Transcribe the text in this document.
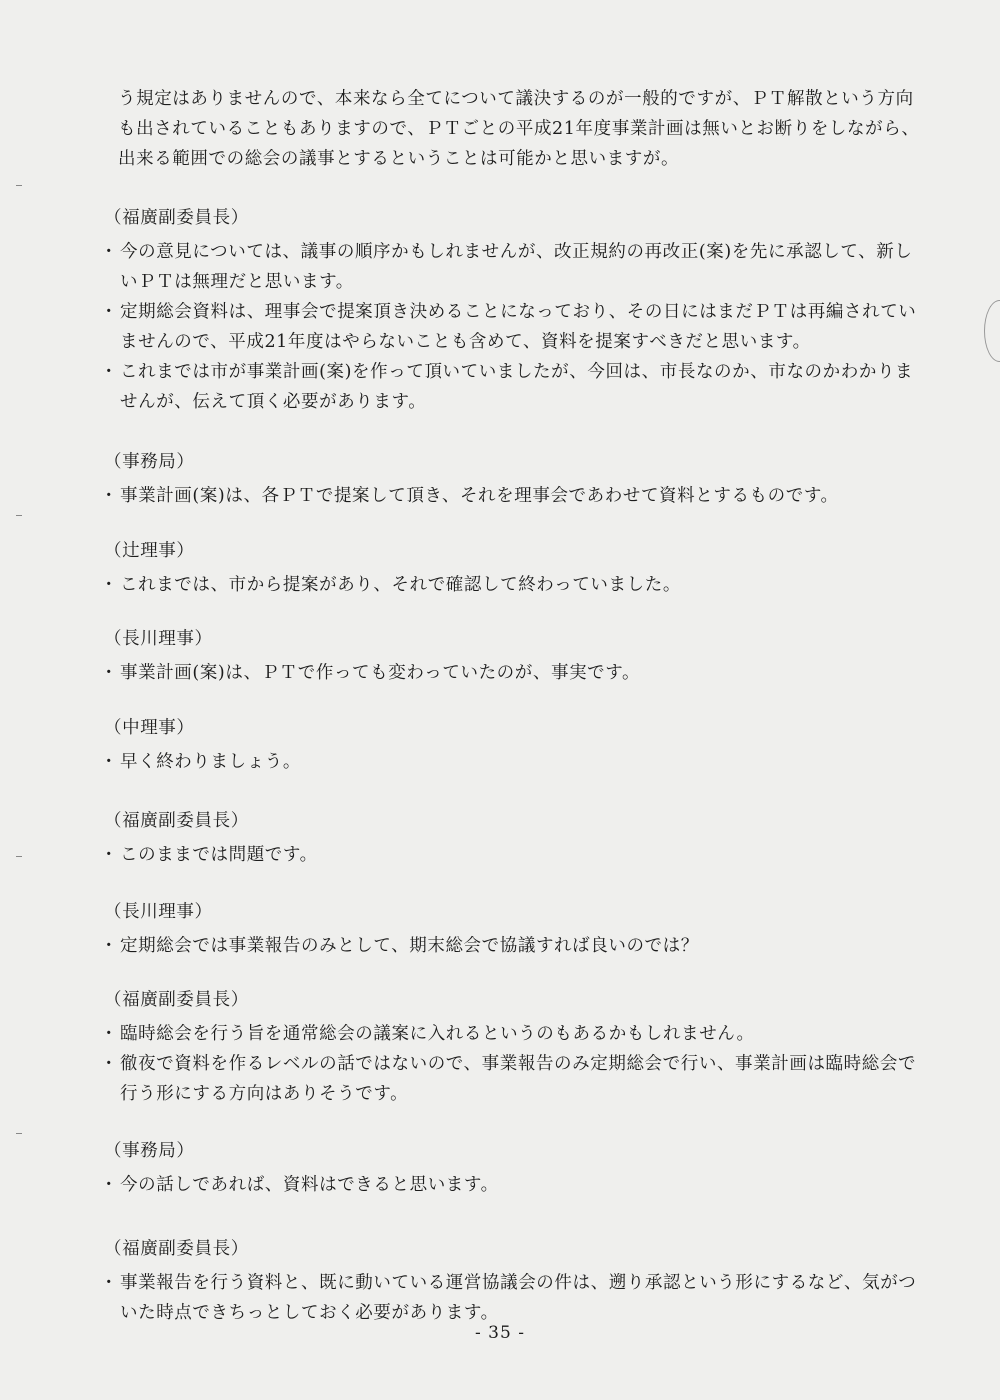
う規定はありませんので、本来なら全てについて議決するのが一般的ですが、ＰＴ解散という方向

も出されていることもありますので、ＰＴごとの平成21年度事業計画は無いとお断りをしながら、

出来る範囲での総会の議事とするということは可能かと思いますが。

（福廣副委員長）

・ 今の意見については、議事の順序かもしれませんが、改正規約の再改正(案)を先に承認して、新し
いＰＴは無理だと思います。

・ 定期総会資料は、理事会で提案頂き決めることになっており、その日にはまだＰＴは再編されてい
ませんので、平成21年度はやらないことも含めて、資料を提案すべきだと思います。

・ これまでは市が事業計画(案)を作って頂いていましたが、今回は、市長なのか、市なのかわかりま
せんが、伝えて頂く必要があります。

（事務局）

・ 事業計画(案)は、各ＰＴで提案して頂き、それを理事会であわせて資料とするものです。

（辻理事）

・ これまでは、市から提案があり、それで確認して終わっていました。

（長川理事）

・ 事業計画(案)は、ＰＴで作っても変わっていたのが、事実です。

（中理事）

・ 早く終わりましょう。

（福廣副委員長）

・ このままでは問題です。

（長川理事）

・ 定期総会では事業報告のみとして、期末総会で協議すれば良いのでは？

（福廣副委員長）

・ 臨時総会を行う旨を通常総会の議案に入れるというのもあるかもしれません。

・ 徹夜で資料を作るレベルの話ではないので、事業報告のみ定期総会で行い、事業計画は臨時総会で
行う形にする方向はありそうです。

（事務局）

・ 今の話しであれば、資料はできると思います。

（福廣副委員長）

・ 事業報告を行う資料と、既に動いている運営協議会の件は、遡り承認という形にするなど、気がつ
いた時点できちっとしておく必要があります。

- 35 -
